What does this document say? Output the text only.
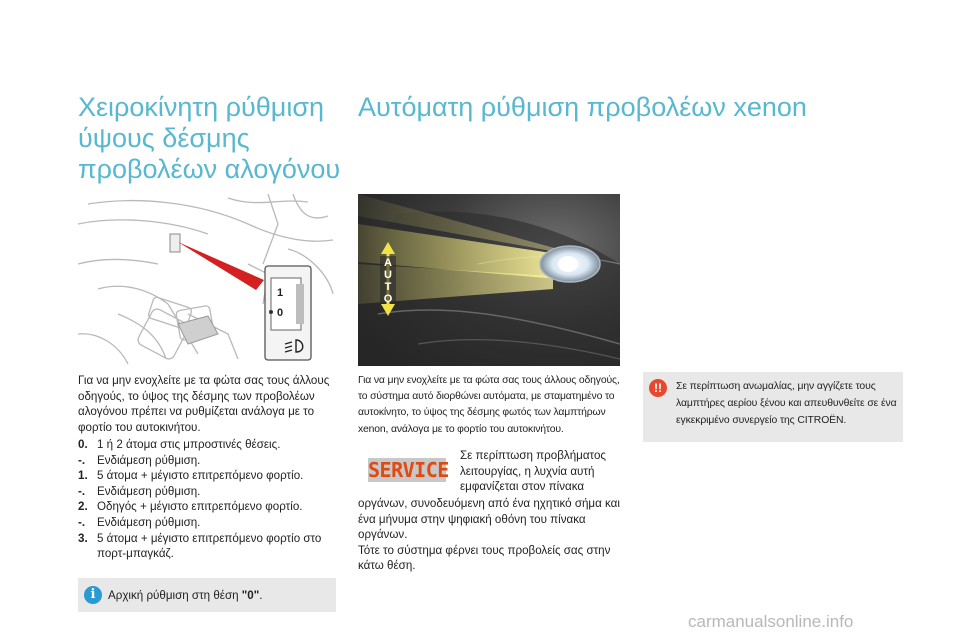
Χειροκίνητη ρύθμιση
ύψους δέσμης
προβολέων αλογόνου
Αυτόματη ρύθμιση προβολέων xenon
1
0
A
U
T
O
Για να μην ενοχλείτε με τα φώτα σας τους άλλους οδηγούς, το ύψος της δέσμης των προβολέων αλογόνου πρέπει να ρυθμίζεται ανάλογα με το φορτίο του αυτοκινήτου.
0. 1 ή 2 άτομα στις μπροστινές θέσεις.
-.	Ενδιάμεση ρύθμιση.
1. 5 άτομα + μέγιστο επιτρεπόμενο φορτίο.
-.	Ενδιάμεση ρύθμιση.
2. Οδηγός + μέγιστο επιτρεπόμενο φορτίο.
-.	Ενδιάμεση ρύθμιση.
3. 5 άτομα + μέγιστο επιτρεπόμενο φορτίο στο πορτ-μπαγκάζ.
i	Αρχική ρύθμιση στη θέση "0".
Για να μην ενοχλείτε με τα φώτα σας τους άλλους οδηγούς, το σύστημα αυτό διορθώνει αυτόματα, με σταματημένο το αυτοκίνητο, το ύψος της δέσμης φωτός των λαμπτήρων xenon, ανάλογα με το φορτίο του αυτοκινήτου.
SERVICE
Σε περίπτωση προβλήματος λειτουργίας, η λυχνία αυτή εμφανίζεται στον πίνακα
οργάνων, συνοδευόμενη από ένα ηχητικό σήμα και ένα μήνυμα στην ψηφιακή οθόνη του πίνακα οργάνων.
Τότε το σύστημα φέρνει τους προβολείς σας στην κάτω θέση.
!!	Σε περίπτωση ανωμαλίας, μην αγγίζετε τους λαμπτήρες αερίου ξένου και απευθυνθείτε σε ένα εγκεκριμένο συνεργείο της CITROËN.
carmanualsonline.info
